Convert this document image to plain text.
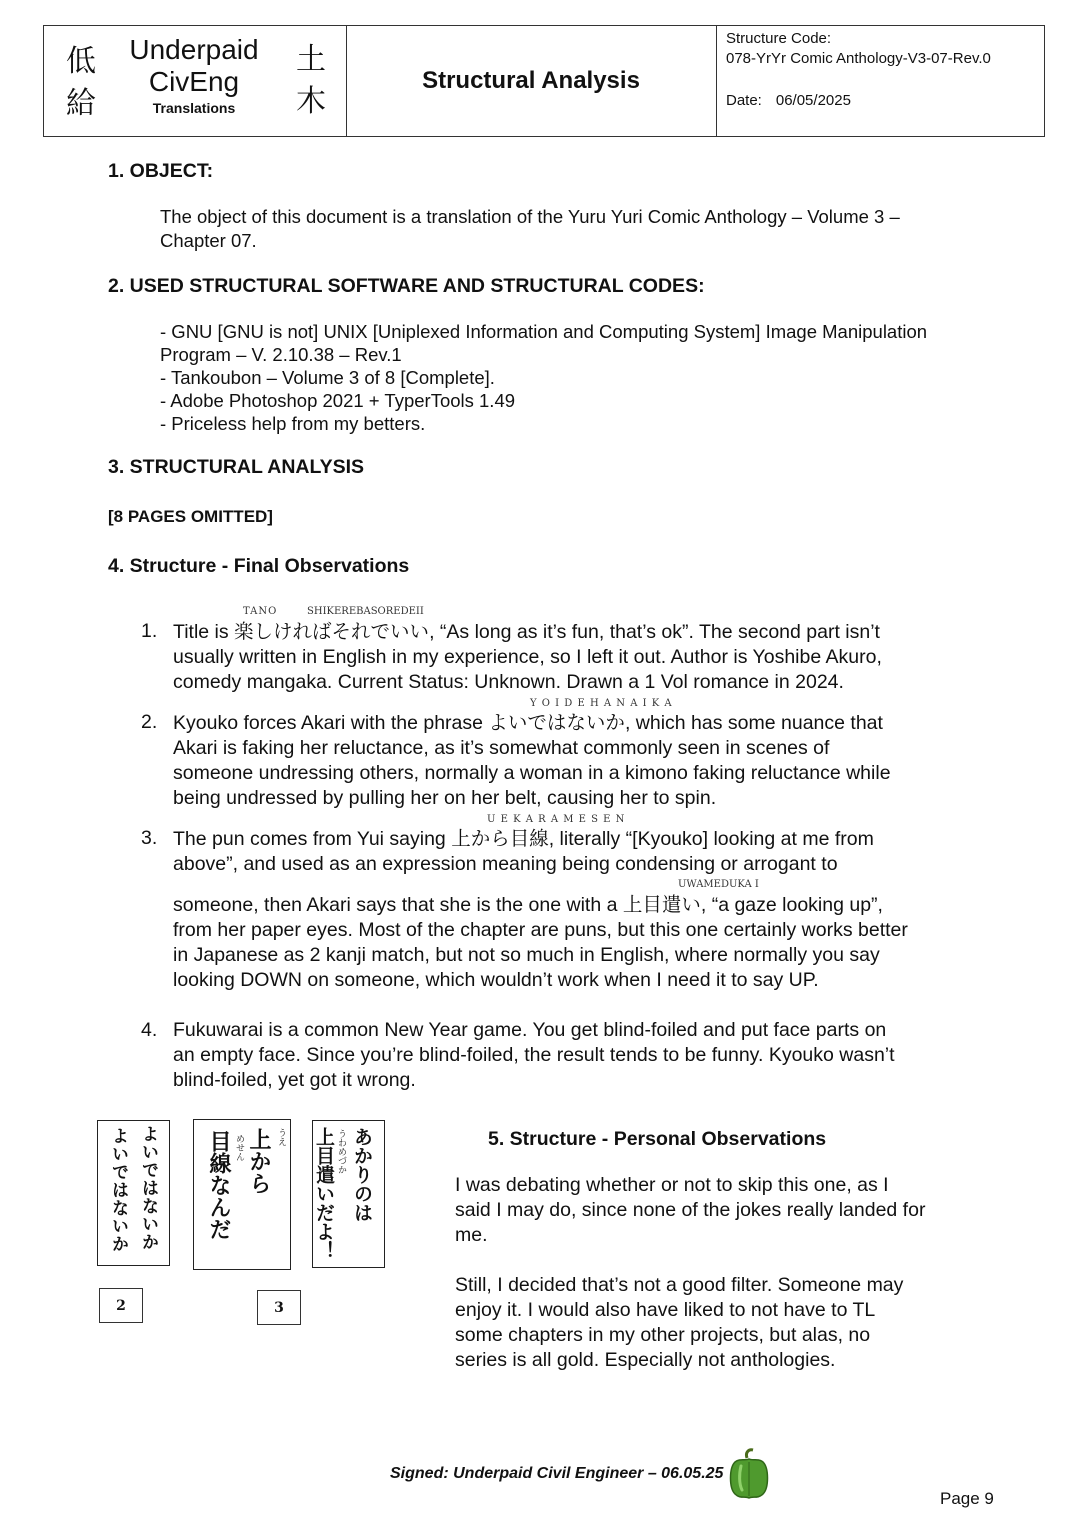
低
給
Underpaid
CivEng
Translations
土
木
Structural Analysis
Structure Code:
078-YrYr Comic Anthology-V3-07-Rev.0
Date: 06/05/2025
1. OBJECT:
The object of this document is a translation of the Yuru Yuri Comic Anthology – Volume 3 –
Chapter 07.
2. USED STRUCTURAL SOFTWARE AND STRUCTURAL CODES:
- GNU [GNU is not] UNIX [Uniplexed Information and Computing System] Image Manipulation
Program – V. 2.10.38 – Rev.1
- Tankoubon – Volume 3 of 8 [Complete].
- Adobe Photoshop 2021 + TyperTools 1.49
- Priceless help from my betters.
3. STRUCTURAL ANALYSIS
[8 PAGES OMITTED]
4. Structure - Final Observations
TANO	SHIKEREBASOREDEII
1. Title is 楽しければそれでいい, “As long as it’s fun, that’s ok”. The second part isn’t
usually written in English in my experience, so I left it out. Author is Yoshibe Akuro,
comedy mangaka. Current Status: Unknown. Drawn a 1 Vol romance in 2024.
Y O I D E H A N A I K A
2. Kyouko forces Akari with the phrase よいではないか, which has some nuance that
Akari is faking her reluctance, as it’s somewhat commonly seen in scenes of
someone undressing others, normally a woman in a kimono faking reluctance while
being undressed by pulling her on her belt, causing her to spin.
U E K A R A M E S E N
3. The pun comes from Yui saying 上から目線, literally “[Kyouko] looking at me from
above”, and used as an expression meaning being condensing or arrogant to
someone, then Akari says that she is the one with a 上目遣い, “a gaze looking up”,
from her paper eyes. Most of the chapter are puns, but this one certainly works better
in Japanese as 2 kanji match, but not so much in English, where normally you say
looking DOWN on someone, which wouldn’t work when I need it to say UP.
UWAMEDUKA I
4. Fukuwarai is a common New Year game. You get blind-foiled and put face parts on
an empty face. Since you’re blind-foiled, the result tends to be funny. Kyouko wasn’t
blind-foiled, yet got it wrong.
よいではないか
よいではないか	うえ
上から
めせん
目線なんだ	あかりのは
うわめづか
上目遣いだよ！
2	3
5. Structure - Personal Observations
I was debating whether or not to skip this one, as I
said I may do, since none of the jokes really landed for
me.
Still, I decided that’s not a good filter. Someone may
enjoy it. I would also have liked to not have to TL
some chapters in my other projects, but alas, no
series is all gold. Especially not anthologies.
Signed: Underpaid Civil Engineer – 06.05.25
Page 9
